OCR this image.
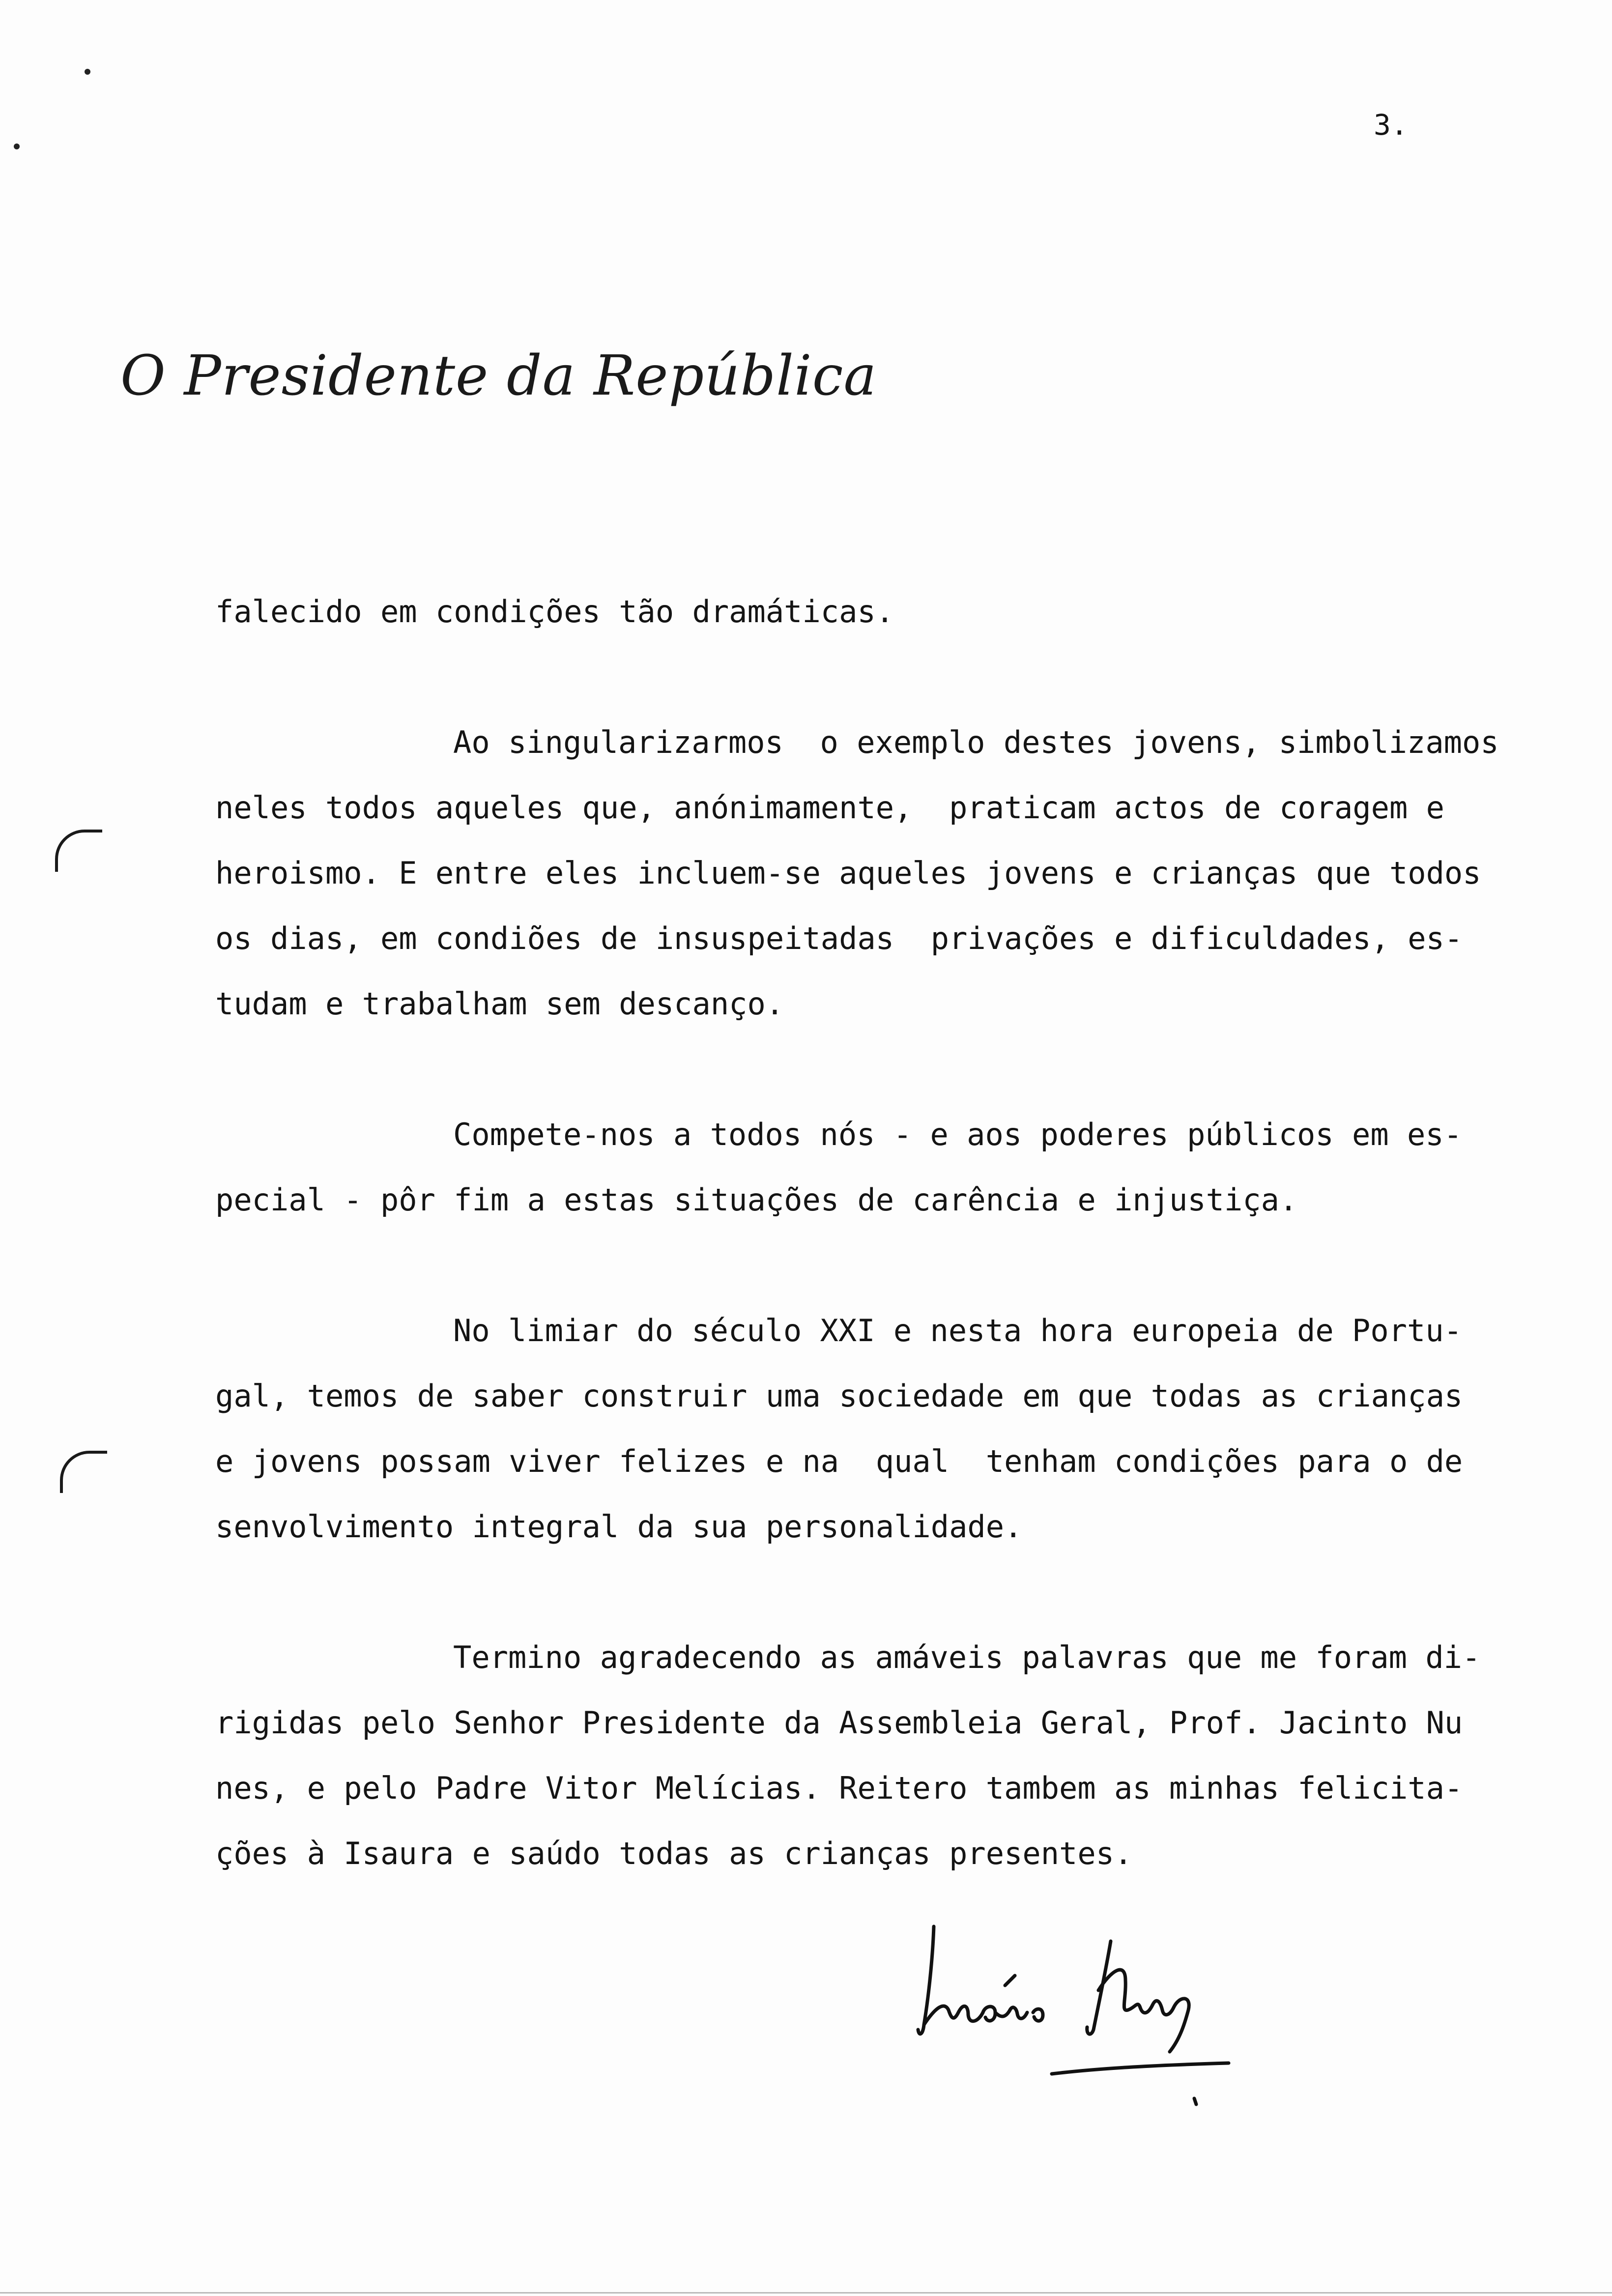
3.
O Presidente da República

falecido em condições tão dramáticas.

Ao singularizarmos  o exemplo destes jovens, simbolizamos
neles todos aqueles que, anónimamente,  praticam actos de coragem e
heroismo. E entre eles incluem-se aqueles jovens e crianças que todos
os dias, em condiões de insuspeitadas  privações e dificuldades, es-
tudam e trabalham sem descanço.

Compete-nos a todos nós - e aos poderes públicos em es-
pecial - pôr fim a estas situações de carência e injustiça.

No limiar do século XXI e nesta hora europeia de Portu-
gal, temos de saber construir uma sociedade em que todas as crianças
e jovens possam viver felizes e na  qual  tenham condições para o de
senvolvimento integral da sua personalidade.

Termino agradecendo as amáveis palavras que me foram di-
rigidas pelo Senhor Presidente da Assembleia Geral, Prof. Jacinto Nu
nes, e pelo Padre Vitor Melícias. Reitero tambem as minhas felicita-
ções à Isaura e saúdo todas as crianças presentes.
